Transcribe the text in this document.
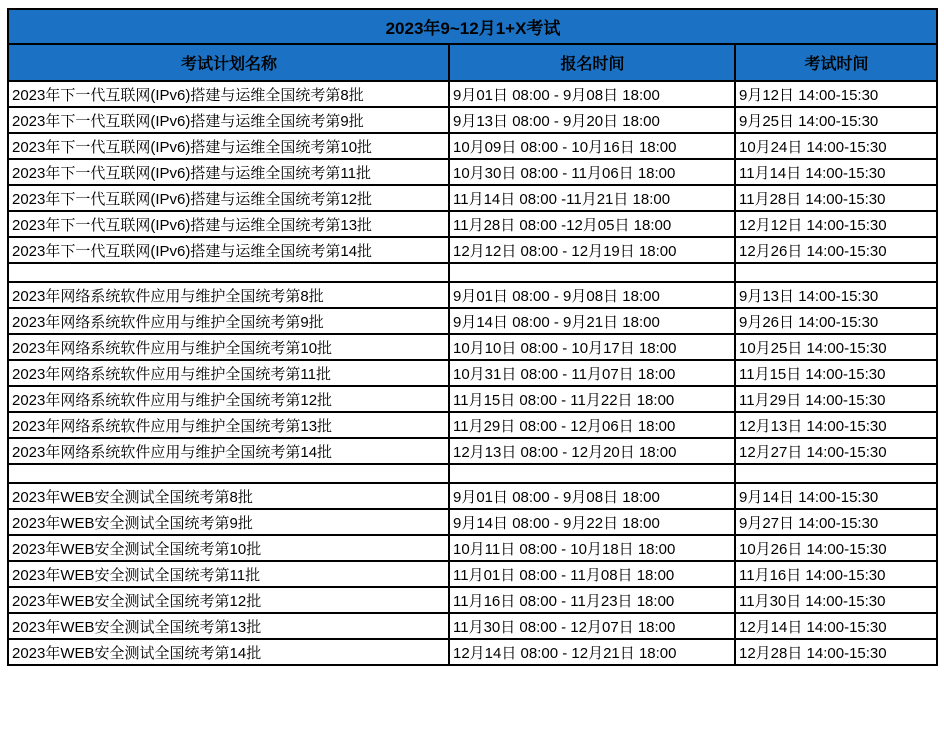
2023年9~12月1+X考试		
考试计划名称	报名时间	考试时间
2023年下一代互联网(IPv6)搭建与运维全国统考第8批	9月01日 08:00 - 9月08日 18:00	9月12日 14:00-15:30
2023年下一代互联网(IPv6)搭建与运维全国统考第9批	9月13日 08:00 - 9月20日 18:00	9月25日 14:00-15:30
2023年下一代互联网(IPv6)搭建与运维全国统考第10批	10月09日 08:00 - 10月16日 18:00	10月24日 14:00-15:30
2023年下一代互联网(IPv6)搭建与运维全国统考第11批	10月30日 08:00 - 11月06日 18:00	11月14日 14:00-15:30
2023年下一代互联网(IPv6)搭建与运维全国统考第12批	11月14日 08:00 -11月21日 18:00	11月28日 14:00-15:30
2023年下一代互联网(IPv6)搭建与运维全国统考第13批	11月28日 08:00 -12月05日 18:00	12月12日 14:00-15:30
2023年下一代互联网(IPv6)搭建与运维全国统考第14批	12月12日 08:00 - 12月19日 18:00	12月26日 14:00-15:30

2023年网络系统软件应用与维护全国统考第8批	9月01日 08:00 - 9月08日 18:00	9月13日 14:00-15:30
2023年网络系统软件应用与维护全国统考第9批	9月14日 08:00 - 9月21日 18:00	9月26日 14:00-15:30
2023年网络系统软件应用与维护全国统考第10批	10月10日 08:00 - 10月17日 18:00	10月25日 14:00-15:30
2023年网络系统软件应用与维护全国统考第11批	10月31日 08:00 - 11月07日 18:00	11月15日 14:00-15:30
2023年网络系统软件应用与维护全国统考第12批	11月15日 08:00 - 11月22日 18:00	11月29日 14:00-15:30
2023年网络系统软件应用与维护全国统考第13批	11月29日 08:00 - 12月06日 18:00	12月13日 14:00-15:30
2023年网络系统软件应用与维护全国统考第14批	12月13日 08:00 - 12月20日 18:00	12月27日 14:00-15:30

2023年WEB安全测试全国统考第8批	9月01日 08:00 - 9月08日 18:00	9月14日 14:00-15:30
2023年WEB安全测试全国统考第9批	9月14日 08:00 - 9月22日 18:00	9月27日 14:00-15:30
2023年WEB安全测试全国统考第10批	10月11日 08:00 - 10月18日 18:00	10月26日 14:00-15:30
2023年WEB安全测试全国统考第11批	11月01日 08:00 - 11月08日 18:00	11月16日 14:00-15:30
2023年WEB安全测试全国统考第12批	11月16日 08:00 - 11月23日 18:00	11月30日 14:00-15:30
2023年WEB安全测试全国统考第13批	11月30日 08:00 - 12月07日 18:00	12月14日 14:00-15:30
2023年WEB安全测试全国统考第14批	12月14日 08:00 - 12月21日 18:00	12月28日 14:00-15:30
